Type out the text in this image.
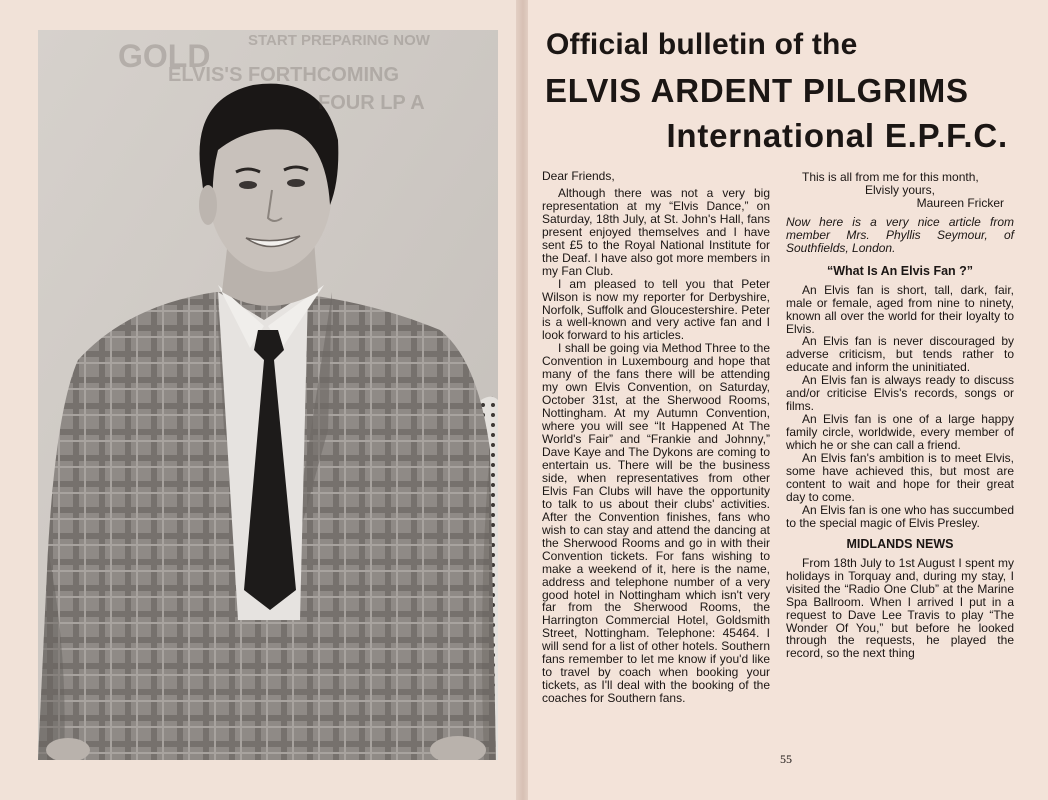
START PREPARING NOW
GOLD
ELVIS'S FORTHCOMING
FOUR LP A
Official bulletin of the
ELVIS ARDENT PILGRIMS
International E.P.F.C.

Dear Friends,

Although there was not a very big representation at my “Elvis Dance,” on Saturday, 18th July, at St. John's Hall, fans present enjoyed themselves and I have sent £5 to the Royal National Institute for the Deaf. I have also got more members in my Fan Club.

I am pleased to tell you that Peter Wilson is now my reporter for Derbyshire, Norfolk, Suffolk and Gloucestershire. Peter is a well-known and very active fan and I look forward to his articles.

I shall be going via Method Three to the Convention in Luxembourg and hope that many of the fans there will be attending my own Elvis Convention, on Saturday, October 31st, at the Sherwood Rooms, Nottingham. At my Autumn Convention, where you will see “It Happened At The World's Fair” and “Frankie and Johnny,” Dave Kaye and The Dykons are coming to entertain us. There will be the business side, when representatives from other Elvis Fan Clubs will have the opportunity to talk to us about their clubs' activities. After the Convention finishes, fans who wish to can stay and attend the dancing at the Sherwood Rooms and go in with their Convention tickets. For fans wishing to make a weekend of it, here is the name, address and telephone number of a very good hotel in Nottingham which isn't very far from the Sherwood Rooms, the Harrington Commercial Hotel, Goldsmith Street, Nottingham. Telephone: 45464. I will send for a list of other hotels. Southern fans remember to let me know if you'd like to travel by coach when booking your tickets, as I'll deal with the booking of the coaches for Southern fans.

This is all from me for this month,

Elvisly yours,

Maureen Fricker

Now here is a very nice article from member Mrs. Phyllis Seymour, of Southfields, London.

“What Is An Elvis Fan ?”

An Elvis fan is short, tall, dark, fair, male or female, aged from nine to ninety, known all over the world for their loyalty to Elvis.

An Elvis fan is never discouraged by adverse criticism, but tends rather to educate and inform the uninitiated.

An Elvis fan is always ready to discuss and/or criticise Elvis's records, songs or films.

An Elvis fan is one of a large happy family circle, worldwide, every member of which he or she can call a friend.

An Elvis fan's ambition is to meet Elvis, some have achieved this, but most are content to wait and hope for their great day to come.

An Elvis fan is one who has succumbed to the special magic of Elvis Presley.

MIDLANDS NEWS

From 18th July to 1st August I spent my holidays in Torquay and, during my stay, I visited the “Radio One Club” at the Marine Spa Ballroom. When I arrived I put in a request to Dave Lee Travis to play “The Wonder Of You,” but before he looked through the requests, he played the record, so the next thing

55
